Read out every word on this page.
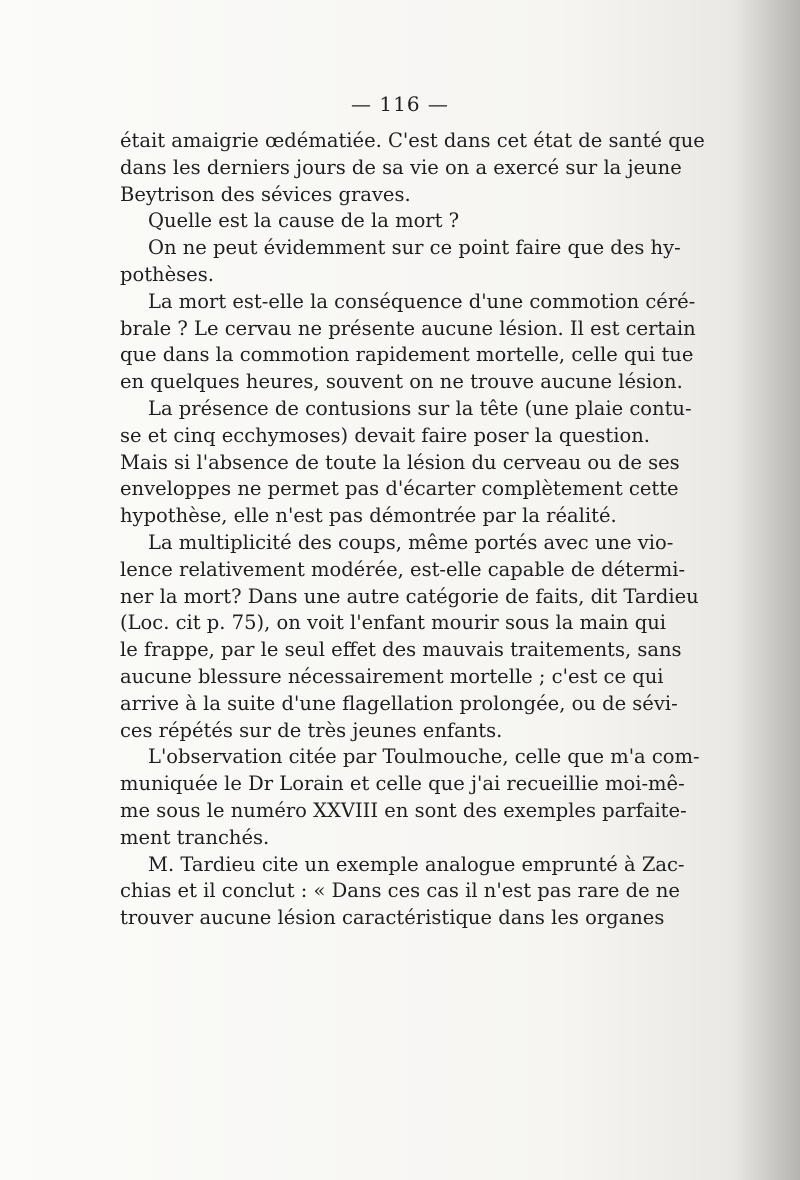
— 116 —
était amaigrie œdématiée. C'est dans cet état de santé que
dans les derniers jours de sa vie on a exercé sur la jeune
Beytrison des sévices graves.
Quelle est la cause de la mort ?
On ne peut évidemment sur ce point faire que des hy-
pothèses.
La mort est-elle la conséquence d'une commotion céré-
brale ? Le cervau ne présente aucune lésion. Il est certain
que dans la commotion rapidement mortelle, celle qui tue
en quelques heures, souvent on ne trouve aucune lésion.
La présence de contusions sur la tête (une plaie contu-
se et cinq ecchymoses) devait faire poser la question.
Mais si l'absence de toute la lésion du cerveau ou de ses
enveloppes ne permet pas d'écarter complètement cette
hypothèse, elle n'est pas démontrée par la réalité.
La multiplicité des coups, même portés avec une vio-
lence relativement modérée, est-elle capable de détermi-
ner la mort? Dans une autre catégorie de faits, dit Tardieu
(Loc. cit p. 75), on voit l'enfant mourir sous la main qui
le frappe, par le seul effet des mauvais traitements, sans
aucune blessure nécessairement mortelle ; c'est ce qui
arrive à la suite d'une flagellation prolongée, ou de sévi-
ces répétés sur de très jeunes enfants.
L'observation citée par Toulmouche, celle que m'a com-
muniquée le Dr Lorain et celle que j'ai recueillie moi-mê-
me sous le numéro XXVIII en sont des exemples parfaite-
ment tranchés.
M. Tardieu cite un exemple analogue emprunté à Zac-
chias et il conclut : « Dans ces cas il n'est pas rare de ne
trouver aucune lésion caractéristique dans les organes
